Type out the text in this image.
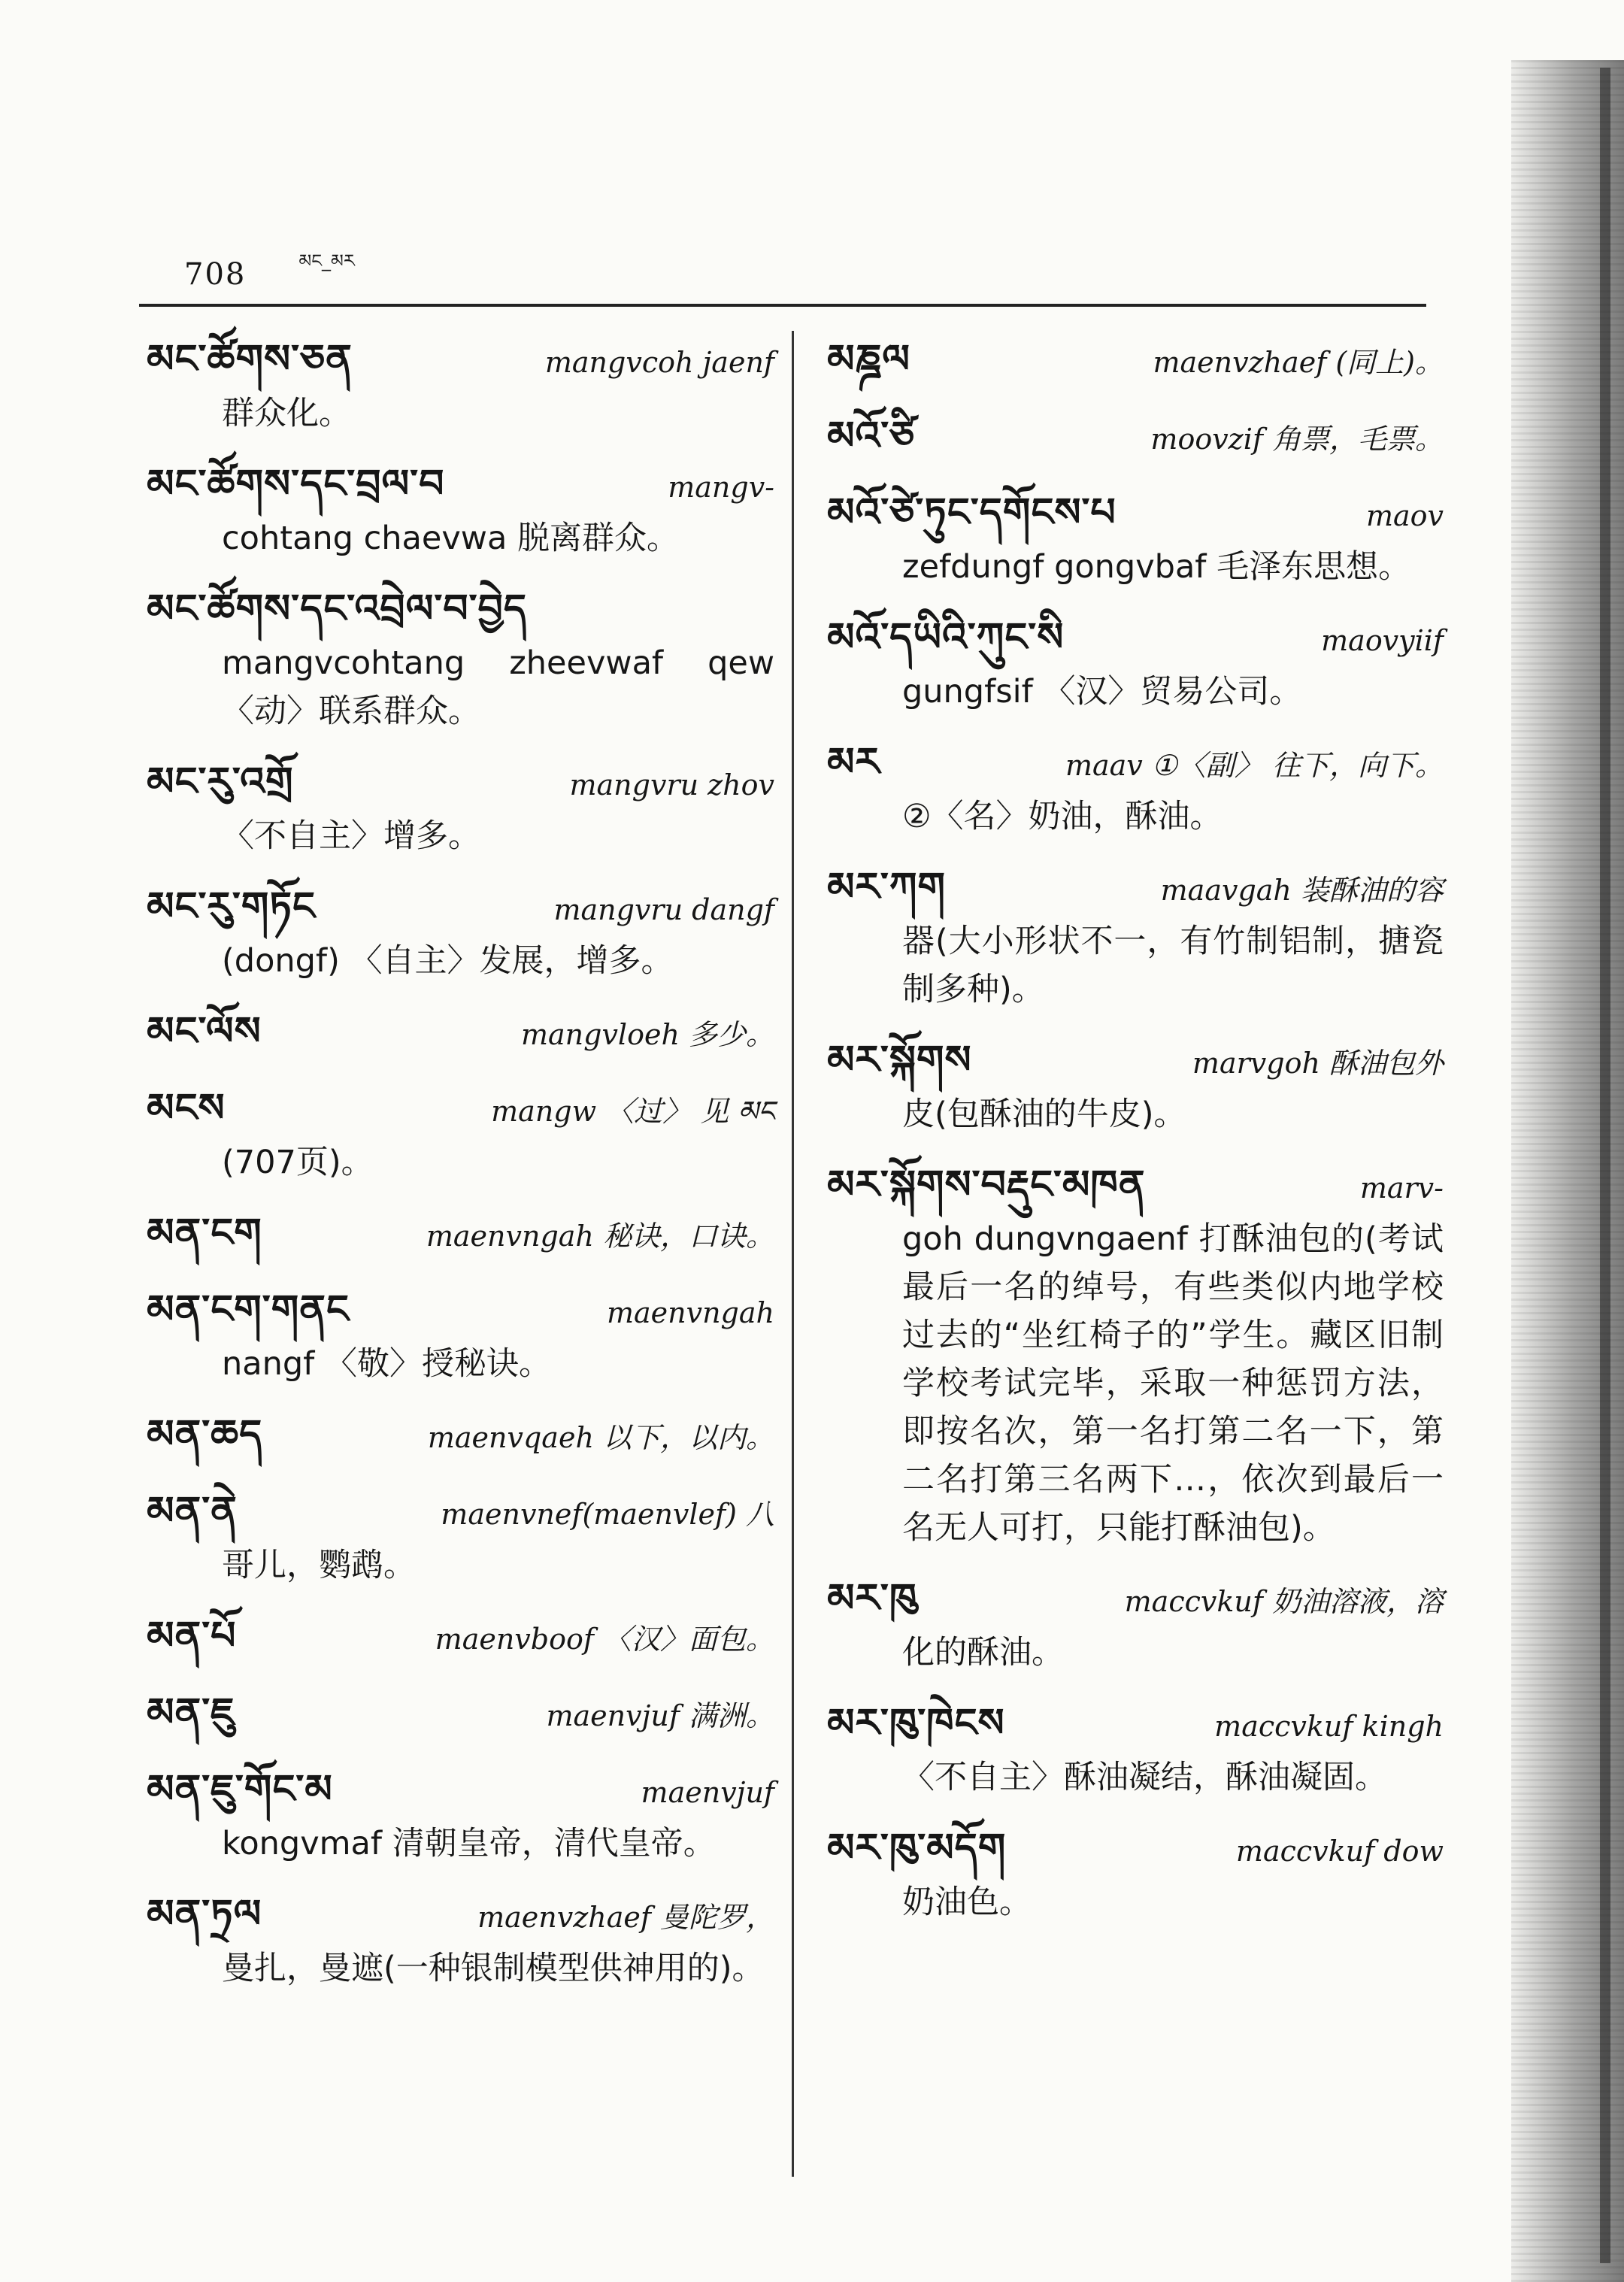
708	མང_མར
མང་ཚོགས་ཅན	mangvcoh jaenf
群众化。
མང་ཚོགས་དང་བྲལ་བ	mangv-
cohtang chaevwa 脱离群众。
མང་ཚོགས་དང་འབྲེལ་བ་བྱེད
mangvcohtang zheevwaf qew 〈动〉联系群众。
མང་རུ་འགྲོ	mangvru zhov
〈不自主〉增多。
མང་རུ་གཏོང	mangvru dangf
(dongf) 〈自主〉发展，增多。
མང་ལོས	mangvloeh 多少。
མངས	mangw 〈过〉 见 མང
(707页)。
མན་ངག	maenvngah 秘诀，口诀。
མན་ངག་གནང	maenvngah
nangf 〈敬〉授秘诀。
མན་ཆད	maenvqaeh 以下，以内。
མན་ནེ	maenvnef(maenvlef) 八
哥儿，鹦鹉。
མན་པོ	maenvboof 〈汉〉面包。
མན་ཇུ	maenvjuf 满洲。
མན་ཇུ་གོང་མ	maenvjuf
kongvmaf 清朝皇帝，清代皇帝。
མན་ཏྲལ	maenvzhaef 曼陀罗，
曼扎，曼遮(一种银制模型供神用的)。
མཎྜལ	maenvzhaef (同上)。
མའོ་ཙི	moovzif 角票，毛票。
མའོ་ཙེ་ཏུང་དགོངས་པ	maov
zefdungf gongvbaf 毛泽东思想。
མའོ་དཡིའི་ཀུང་སི	maovyiif
gungfsif 〈汉〉贸易公司。
མར	maav ①〈副〉 往下，向下。
②〈名〉奶油，酥油。
མར་ཀག	maavgah 装酥油的容
器(大小形状不一，有竹制铝制，搪瓷制多种)。
མར་སྐོགས	marvgoh 酥油包外
皮(包酥油的牛皮)。
མར་སྐོགས་བརྡུང་མཁན	marv-
goh dungvngaenf 打酥油包的(考试最后一名的绰号，有些类似内地学校过去的“坐红椅子的”学生。藏区旧制学校考试完毕，采取一种惩罚方法，即按名次，第一名打第二名一下，第二名打第三名两下…，依次到最后一名无人可打，只能打酥油包)。
མར་ཁུ	maccvkuf 奶油溶液，溶
化的酥油。
མར་ཁུ་ཁེངས	maccvkuf kingh
〈不自主〉酥油凝结，酥油凝固。
མར་ཁུ་མདོག	maccvkuf dow
奶油色。
